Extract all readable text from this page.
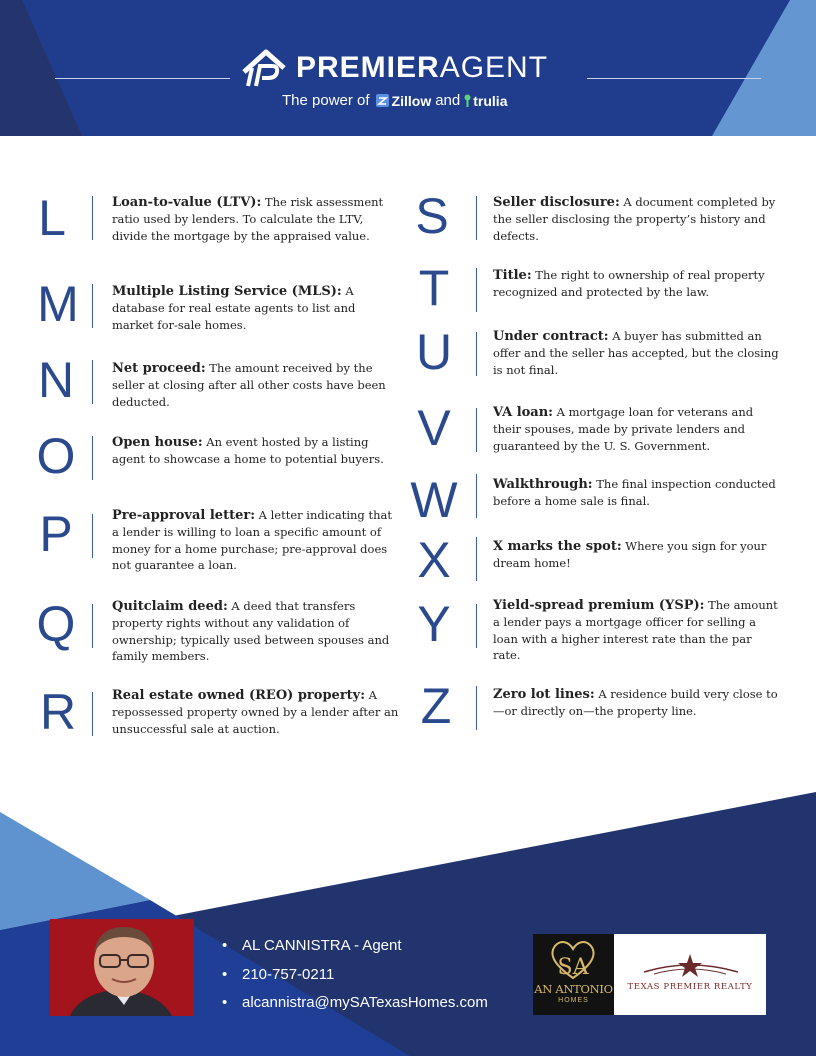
PREMIERAGENT
The power of Zillow and trulia
L	Loan-to-value (LTV): The risk assessment ratio used by lenders. To calculate the LTV, divide the mortgage by the appraised value.
M	Multiple Listing Service (MLS): A database for real estate agents to list and market for-sale homes.
N	Net proceed: The amount received by the seller at closing after all other costs have been deducted.
O	Open house: An event hosted by a listing agent to showcase a home to potential buyers.
P	Pre-approval letter: A letter indicating that a lender is willing to loan a specific amount of money for a home purchase; pre-approval does not guarantee a loan.
Q	Quitclaim deed: A deed that transfers property rights without any validation of ownership; typically used between spouses and family members.
R	Real estate owned (REO) property: A repossessed property owned by a lender after an unsuccessful sale at auction.
S	Seller disclosure: A document completed by the seller disclosing the property’s history and defects.
T	Title: The right to ownership of real property recognized and protected by the law.
U	Under contract: A buyer has submitted an offer and the seller has accepted, but the closing is not final.
V	VA loan: A mortgage loan for veterans and their spouses, made by private lenders and guaranteed by the U. S. Government.
W	Walkthrough: The final inspection conducted before a home sale is final.
X	X marks the spot: Where you sign for your dream home!
Y	Yield-spread premium (YSP): The amount a lender pays a mortgage officer for selling a loan with a higher interest rate than the par rate.
Z	Zero lot lines: A residence build very close to—or directly on—the property line.
• AL CANNISTRA - Agent
• 210-757-0211
• alcannistra@mySATexasHomes.com
SA
AN ANTONIO
HOMES
TEXAS PREMIER REALTY
